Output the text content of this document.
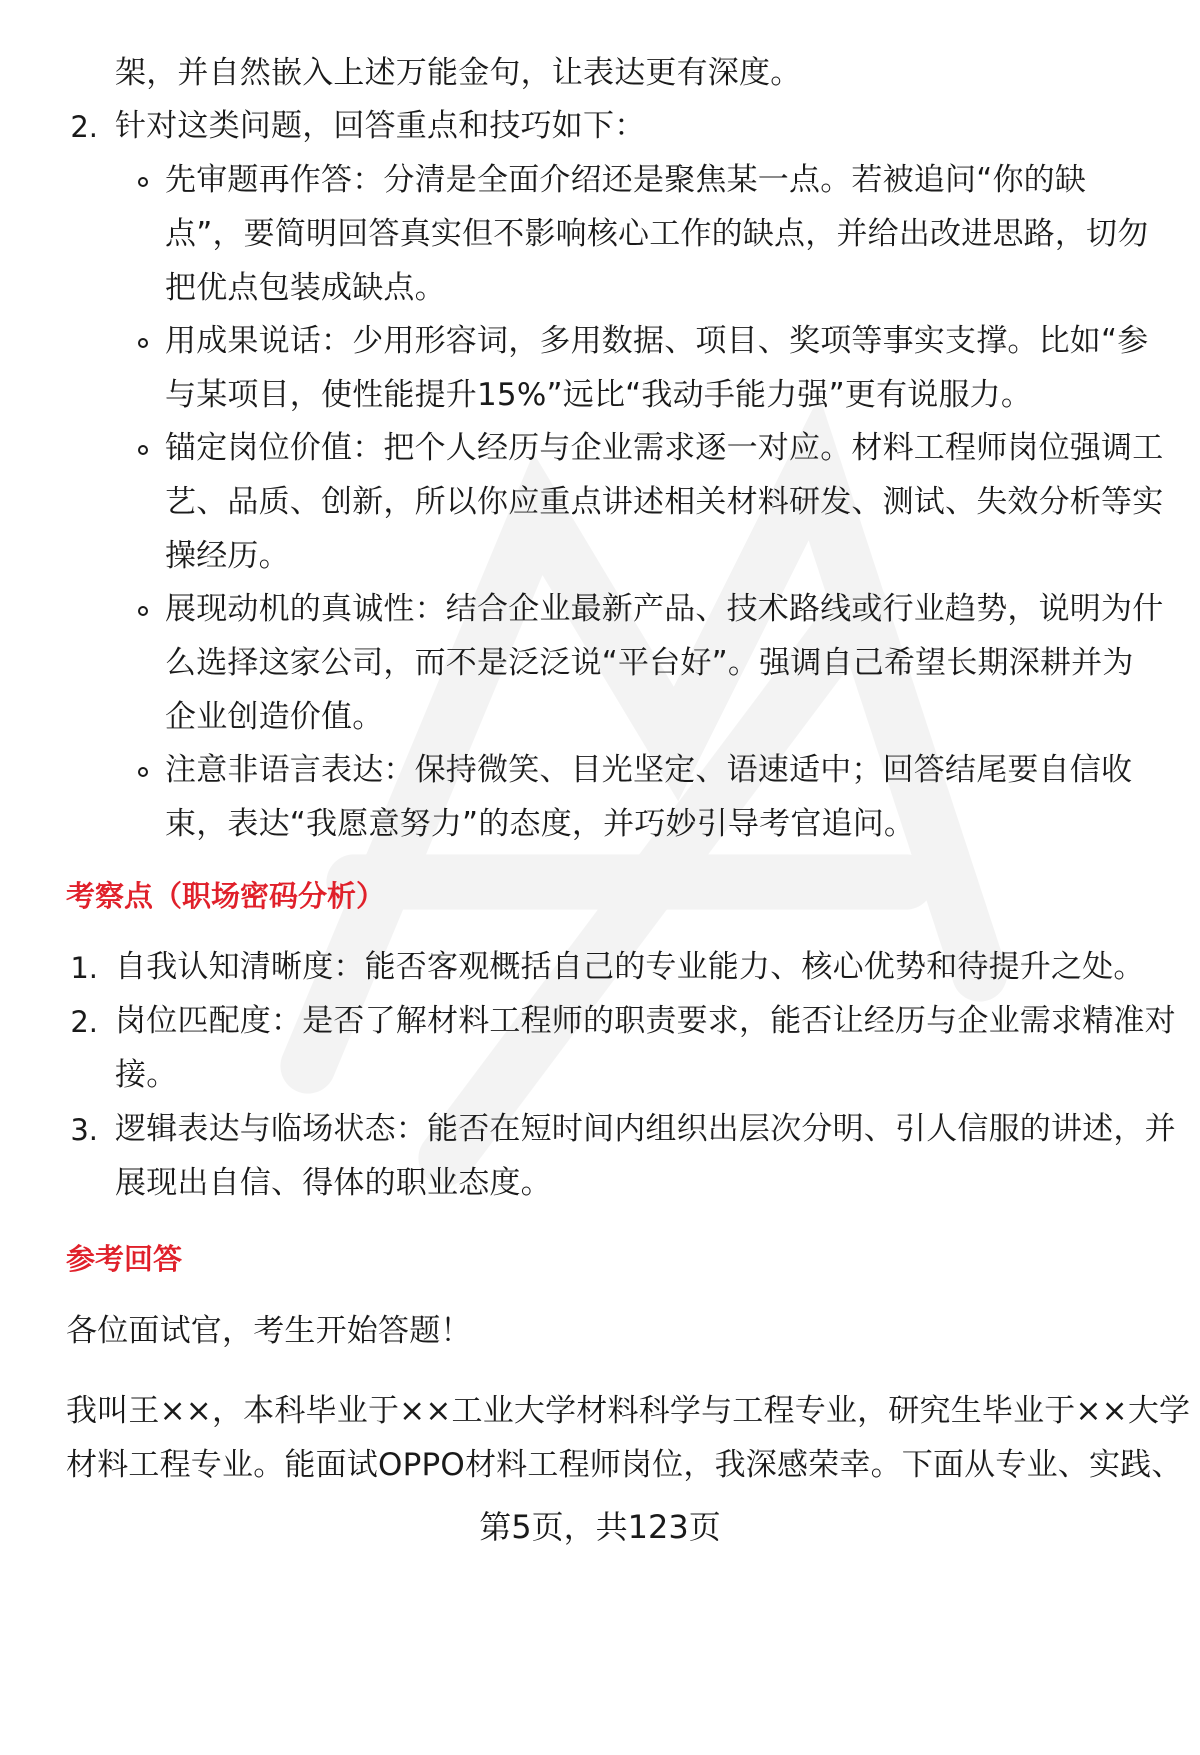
架，并自然嵌入上述万能金句，让表达更有深度。
2. 针对这类问题，回答重点和技巧如下：
先审题再作答：分清是全面介绍还是聚焦某一点。若被追问“你的缺
点”，要简明回答真实但不影响核心工作的缺点，并给出改进思路，切勿
把优点包装成缺点。
用成果说话：少用形容词，多用数据、项目、奖项等事实支撑。比如“参
与某项目，使性能提升15%”远比“我动手能力强”更有说服力。
锚定岗位价值：把个人经历与企业需求逐一对应。材料工程师岗位强调工
艺、品质、创新，所以你应重点讲述相关材料研发、测试、失效分析等实
操经历。
展现动机的真诚性：结合企业最新产品、技术路线或行业趋势，说明为什
么选择这家公司，而不是泛泛说“平台好”。强调自己希望长期深耕并为
企业创造价值。
注意非语言表达：保持微笑、目光坚定、语速适中；回答结尾要自信收
束，表达“我愿意努力”的态度，并巧妙引导考官追问。
考察点（职场密码分析）
1. 自我认知清晰度：能否客观概括自己的专业能力、核心优势和待提升之处。
2. 岗位匹配度：是否了解材料工程师的职责要求，能否让经历与企业需求精准对
接。
3. 逻辑表达与临场状态：能否在短时间内组织出层次分明、引人信服的讲述，并
展现出自信、得体的职业态度。
参考回答
各位面试官，考生开始答题！
我叫王××，本科毕业于××工业大学材料科学与工程专业，研究生毕业于××大学
材料工程专业。能面试OPPO材料工程师岗位，我深感荣幸。下面从专业、实践、
第5页，共123页
